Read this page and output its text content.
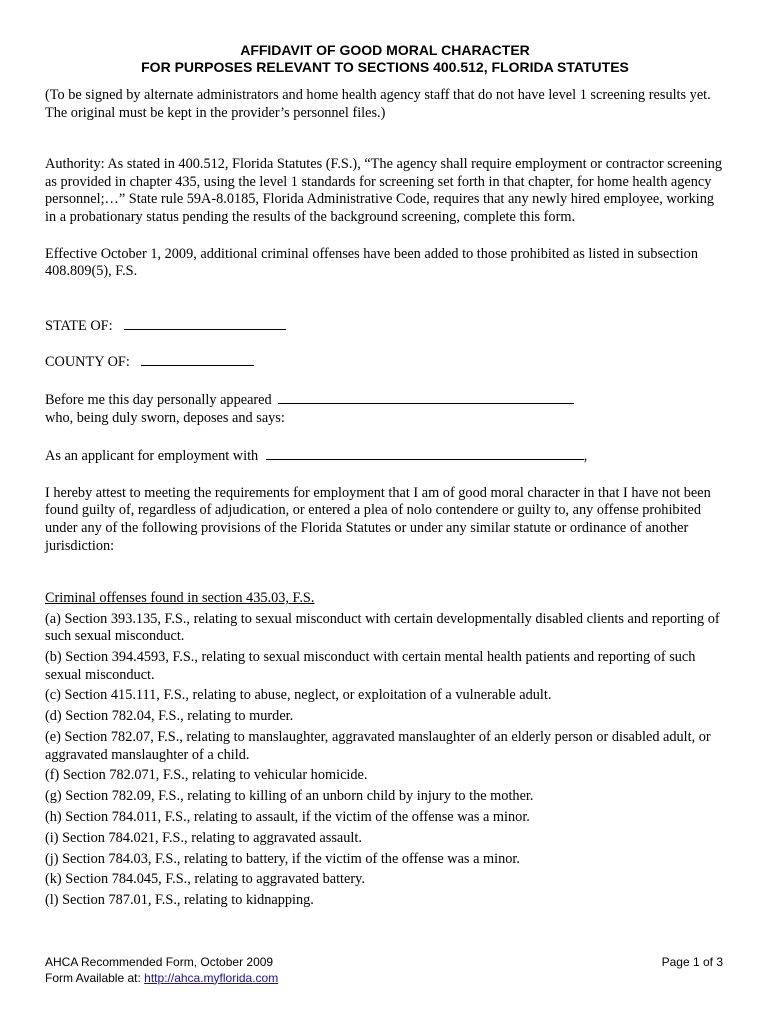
AFFIDAVIT OF GOOD MORAL CHARACTER

FOR PURPOSES RELEVANT TO SECTIONS 400.512, FLORIDA STATUTES

(To be signed by alternate administrators and home health agency staff that do not have level 1 screening results yet. The original must be kept in the provider’s personnel files.)

Authority: As stated in 400.512, Florida Statutes (F.S.), “The agency shall require employment or contractor screening as provided in chapter 435, using the level 1 standards for screening set forth in that chapter, for home health agency personnel;…” State rule 59A-8.0185, Florida Administrative Code, requires that any newly hired employee, working in a probationary status pending the results of the background screening, complete this form.

Effective October 1, 2009, additional criminal offenses have been added to those prohibited as listed in subsection 408.809(5), F.S.

STATE OF:

COUNTY OF:

Before me this day personally appeared

who, being duly sworn, deposes and says:

As an applicant for employment with	,

I hereby attest to meeting the requirements for employment that I am of good moral character in that I have not been found guilty of, regardless of adjudication, or entered a plea of nolo contendere or guilty to, any offense prohibited under any of the following provisions of the Florida Statutes or under any similar statute or ordinance of another jurisdiction:

Criminal offenses found in section 435.03, F.S.

(a) Section 393.135, F.S., relating to sexual misconduct with certain developmentally disabled clients and reporting of such sexual misconduct.
(b) Section 394.4593, F.S., relating to sexual misconduct with certain mental health patients and reporting of such sexual misconduct.
(c) Section 415.111, F.S., relating to abuse, neglect, or exploitation of a vulnerable adult.
(d) Section 782.04, F.S., relating to murder.
(e) Section 782.07, F.S., relating to manslaughter, aggravated manslaughter of an elderly person or disabled adult, or aggravated manslaughter of a child.
(f) Section 782.071, F.S., relating to vehicular homicide.
(g) Section 782.09, F.S., relating to killing of an unborn child by injury to the mother.
(h) Section 784.011, F.S., relating to assault, if the victim of the offense was a minor.
(i) Section 784.021, F.S., relating to aggravated assault.
(j) Section 784.03, F.S., relating to battery, if the victim of the offense was a minor.
(k) Section 784.045, F.S., relating to aggravated battery.
(l) Section 787.01, F.S., relating to kidnapping.
AHCA Recommended Form, October 2009
Form Available at: http://ahca.myflorida.com
Page 1 of 3
